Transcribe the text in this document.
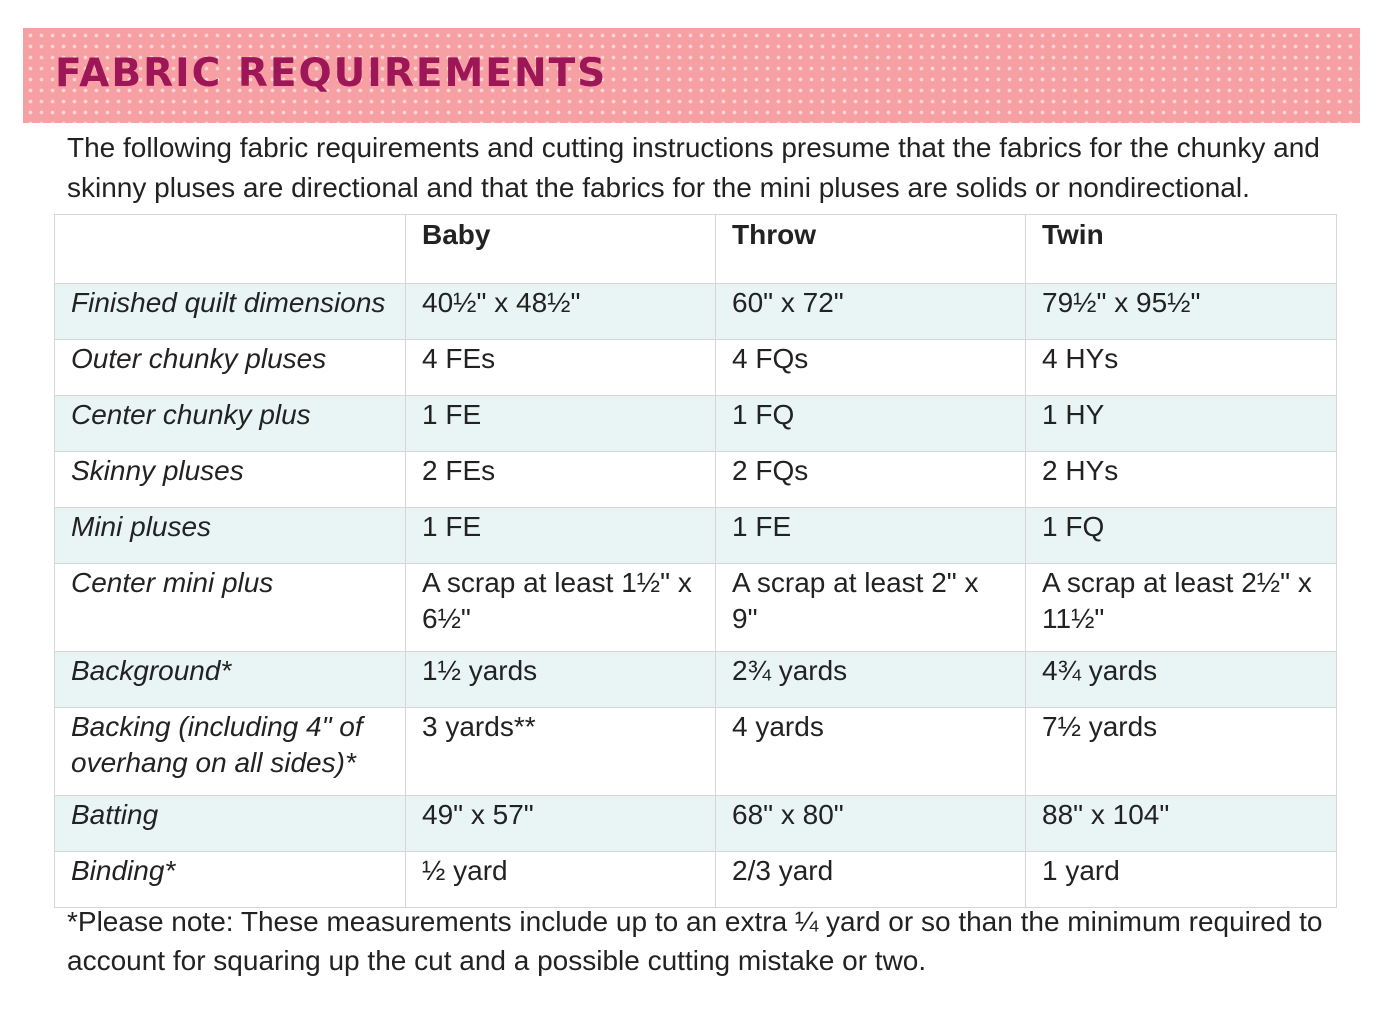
FABRIC REQUIREMENTS

The following fabric requirements and cutting instructions presume that the fabrics for the chunky and skinny pluses are directional and that the fabrics for the mini pluses are solids or nondirectional.

	Baby	Throw	Twin
Finished quilt dimensions	40½" x 48½"	60" x 72"	79½" x 95½"
Outer chunky pluses	4 FEs	4 FQs	4 HYs
Center chunky plus	1 FE	1 FQ	1 HY
Skinny pluses	2 FEs	2 FQs	2 HYs
Mini pluses	1 FE	1 FE	1 FQ
Center mini plus	A scrap at least 1½" x 6½"	A scrap at least 2" x 9"	A scrap at least 2½" x 11½"
Background*	1½ yards	2¾ yards	4¾ yards
Backing (including 4" of overhang on all sides)*	3 yards**	4 yards	7½ yards
Batting	49" x 57"	68" x 80"	88" x 104"
Binding*	½ yard	2/3 yard	1 yard

*Please note: These measurements include up to an extra ¼ yard or so than the minimum required to account for squaring up the cut and a possible cutting mistake or two.
